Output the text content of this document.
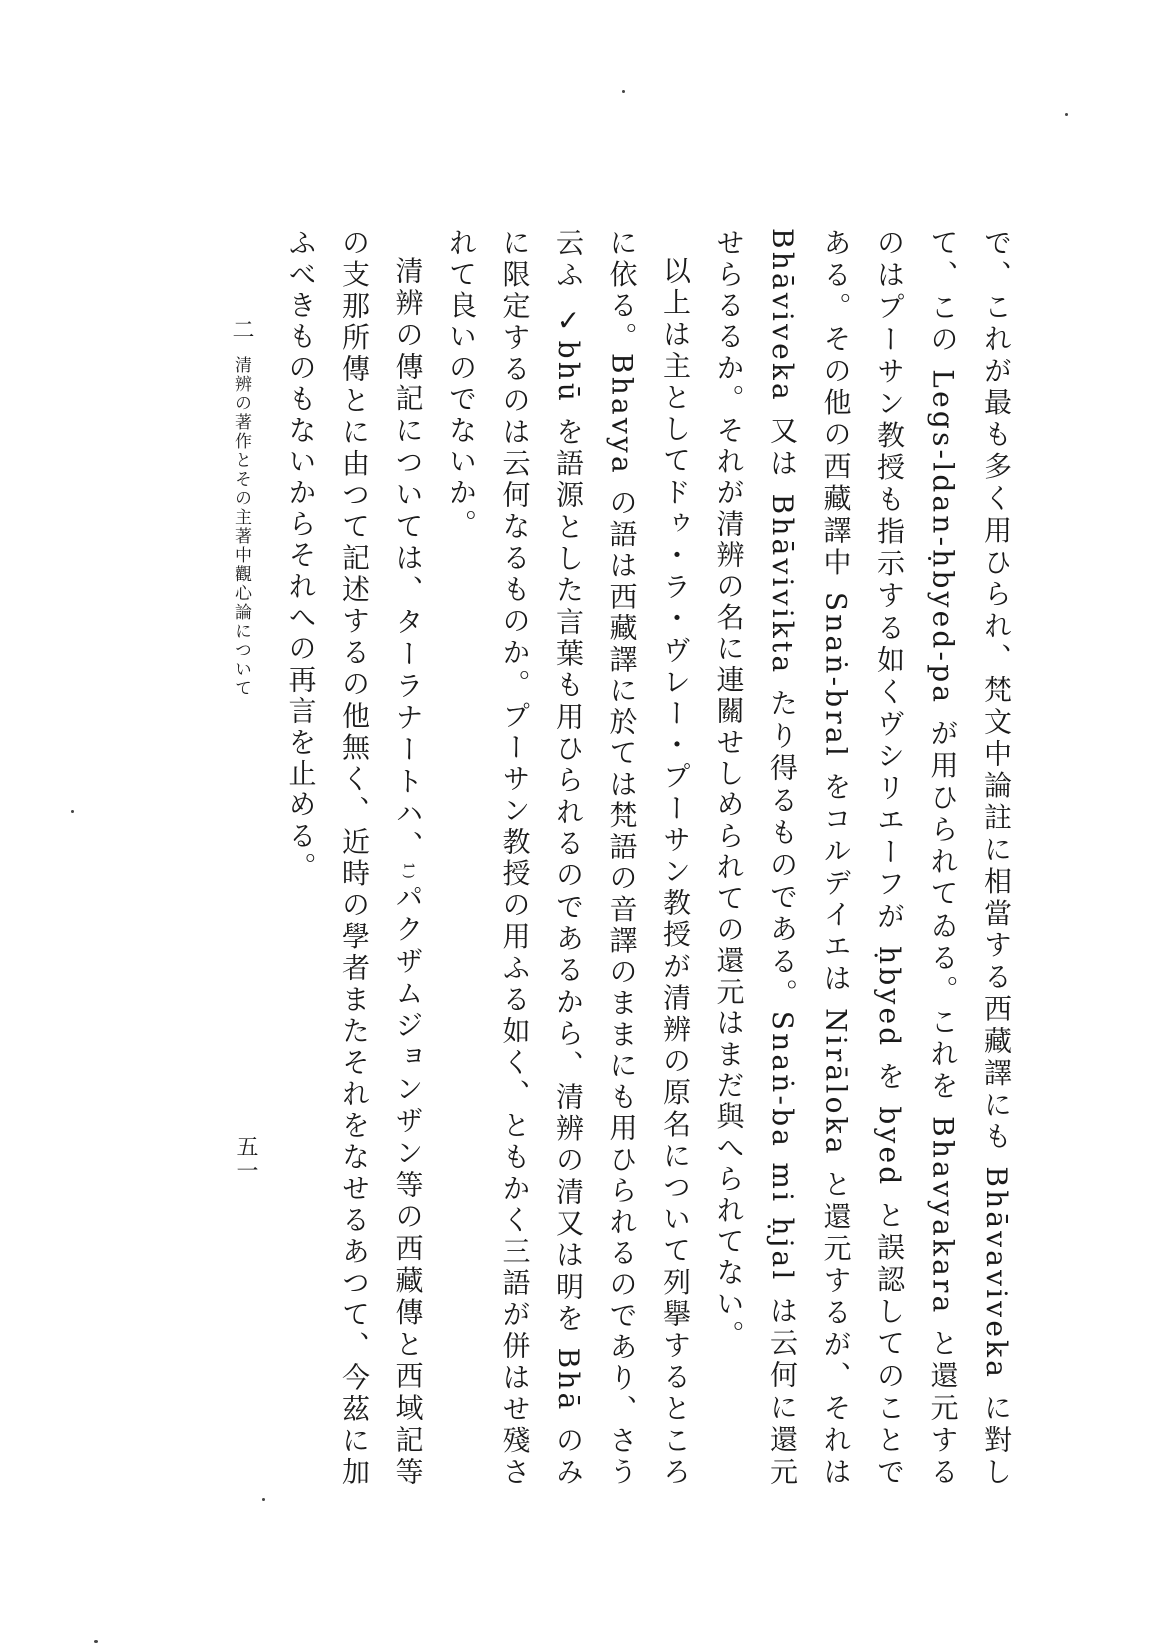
で、これが最も多く用ひられ、梵文中論註に相當する西藏譯にも Bhāvaviveka に對して、この Legs-ldan-ḥbyed-pa が用ひられてゐる。これを Bhavyakara と還元するのはプーサン教授も指示する如くヴシリエーフが ḥbyed を byed と誤認してのことである。その他の西藏譯中 Snaṅ-bral をコルデイエは Nirāloka と還元するが、それは Bhāviveka 又は Bhāvivikta たり得るものである。Snaṅ-ba mi ḥjal は云何に還元せらるるか。それが清辨の名に連關せしめられての還元はまだ與へられてない。

以上は主としてドゥ・ラ・ヴレー・プーサン教授が清辨の原名について列擧するところに依る。Bhavya の語は西藏譯に於ては梵語の音譯のままにも用ひられるのであり、さう云ふ ✓bhū を語源とした言葉も用ひられるのであるから、清辨の清又は明を Bhā のみに限定するのは云何なるものか。プーサン教授の用ふる如く、ともかく三語が併はせ殘されて良いのでないか。

清辨の傳記については、ターラナートハ、1)パクザムジョンザン等の西藏傳と西域記等の支那所傳とに由つて記述するの他無く、近時の學者またそれをなせるあつて、今茲に加ふべきものもないからそれへの再言を止める。

二清辨の著作とその主著中觀心論について
五一
